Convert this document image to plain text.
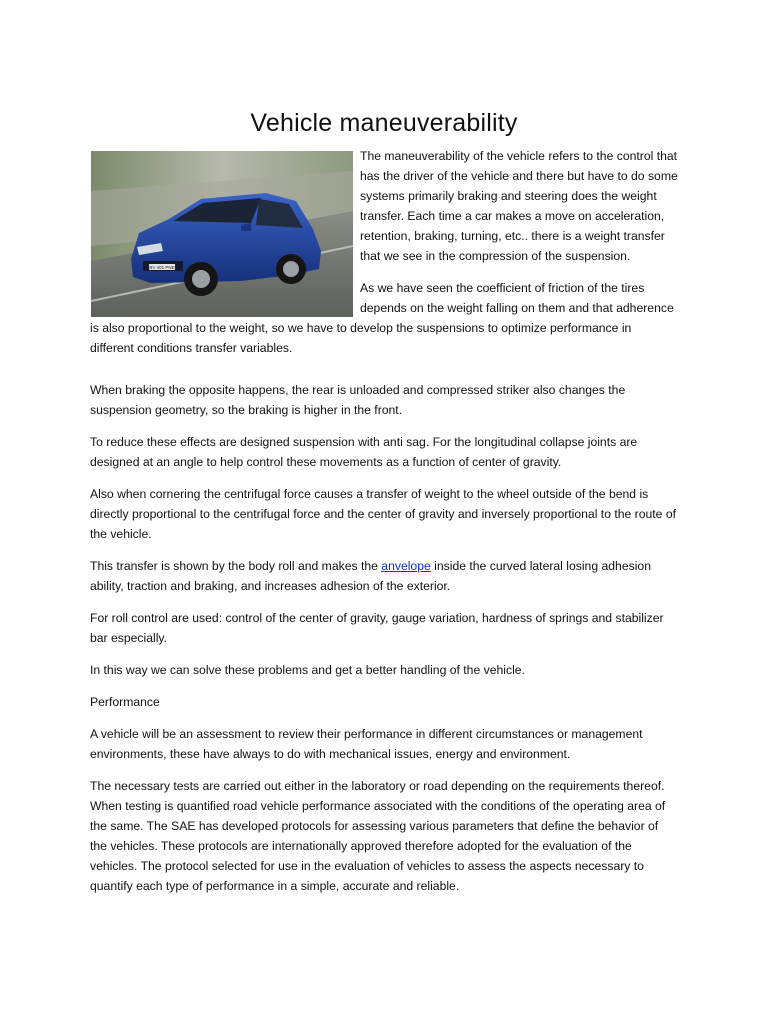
Vehicle maneuverability
BV 401 PNE

The maneuverability of the vehicle refers to the control that has the driver of the vehicle and there but have to do some systems primarily braking and steering does the weight transfer. Each time a car makes a move on acceleration, retention, braking, turning, etc.. there is a weight transfer that we see in the compression of the suspension.

As we have seen the coefficient of friction of the tires depends on the weight falling on them and that adherence is also proportional to the weight, so we have to develop the suspensions to optimize performance in different conditions transfer variables.

When braking the opposite happens, the rear is unloaded and compressed striker also changes the suspension geometry, so the braking is higher in the front.

To reduce these effects are designed suspension with anti sag. For the longitudinal collapse joints are designed at an angle to help control these movements as a function of center of gravity.

Also when cornering the centrifugal force causes a transfer of weight to the wheel outside of the bend is directly proportional to the centrifugal force and the center of gravity and inversely proportional to the route of the vehicle.

This transfer is shown by the body roll and makes the anvelope inside the curved lateral losing adhesion ability, traction and braking, and increases adhesion of the exterior.

For roll control are used: control of the center of gravity, gauge variation, hardness of springs and stabilizer bar especially.

In this way we can solve these problems and get a better handling of the vehicle.

Performance

A vehicle will be an assessment to review their performance in different circumstances or management environments, these have always to do with mechanical issues, energy and environment.

The necessary tests are carried out either in the laboratory or road depending on the requirements thereof. When testing is quantified road vehicle performance associated with the conditions of the operating area of the same. The SAE has developed protocols for assessing various parameters that define the behavior of the vehicles. These protocols are internationally approved therefore adopted for the evaluation of the vehicles. The protocol selected for use in the evaluation of vehicles to assess the aspects necessary to quantify each type of performance in a simple, accurate and reliable.
